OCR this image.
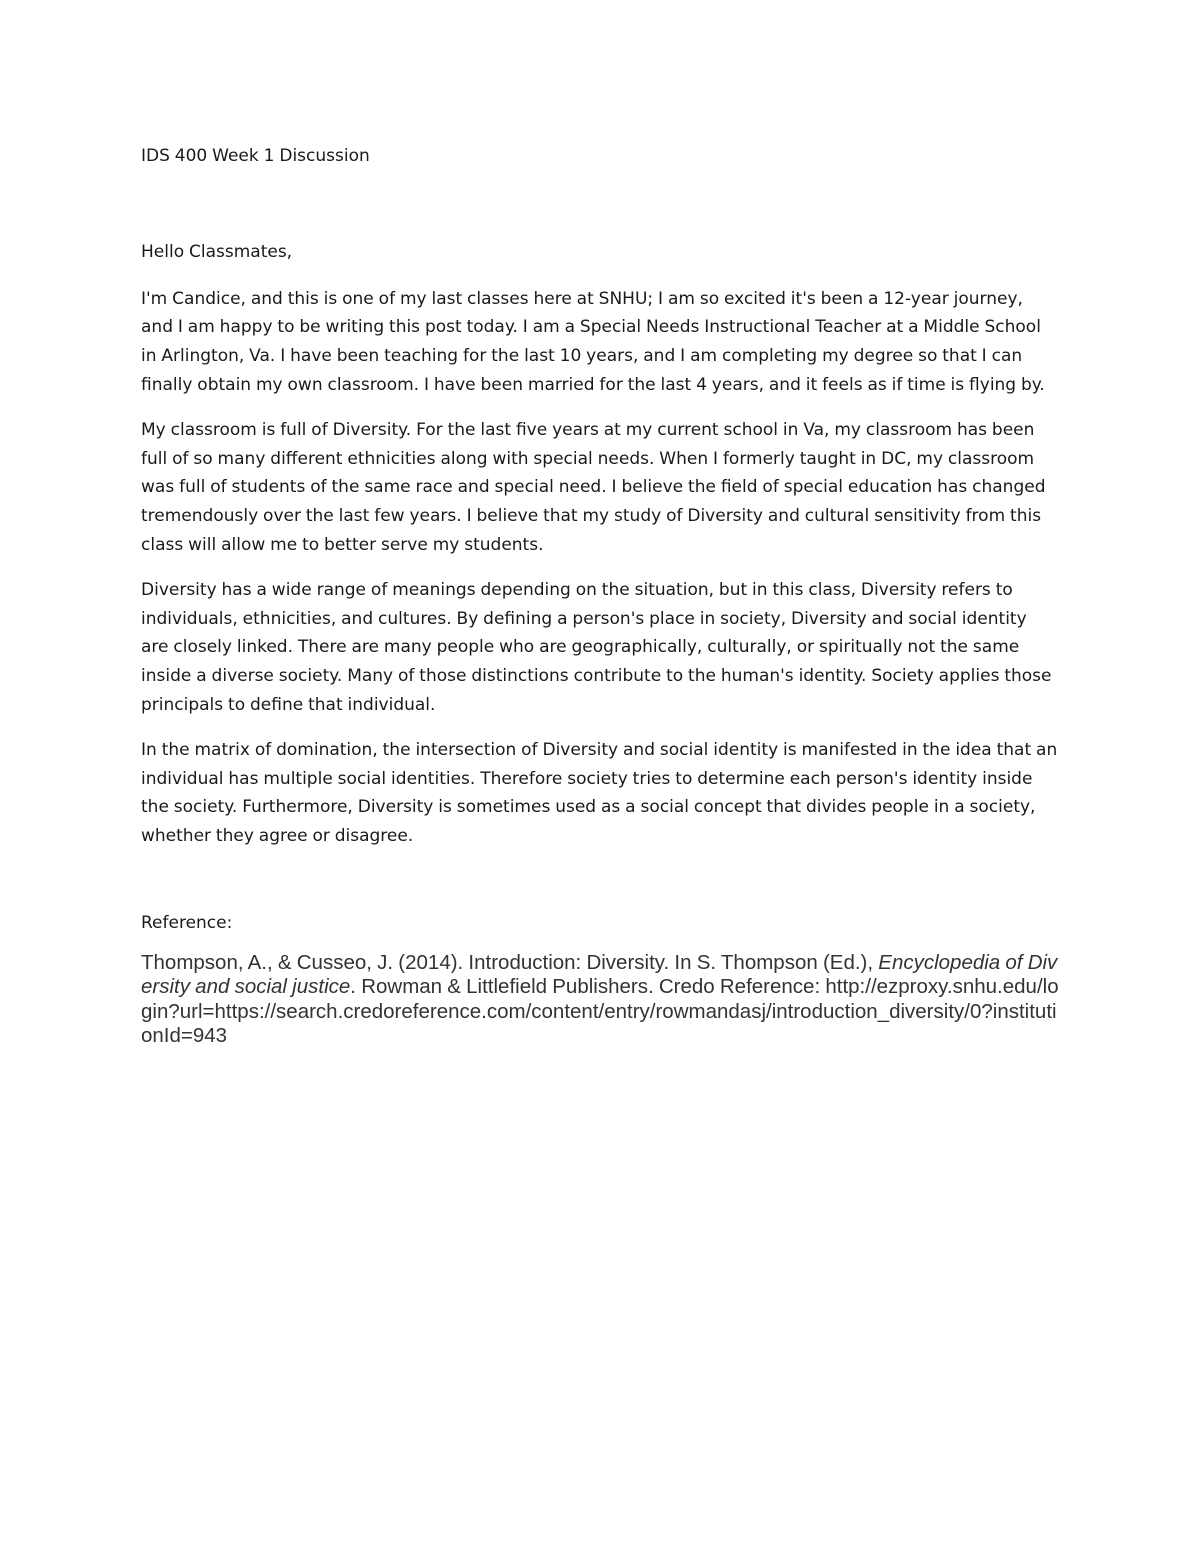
IDS 400 Week 1 Discussion

Hello Classmates,

I'm Candice, and this is one of my last classes here at SNHU; I am so excited it's been a 12-year journey, and I am happy to be writing this post today. I am a Special Needs Instructional Teacher at a Middle School in Arlington, Va. I have been teaching for the last 10 years, and I am completing my degree so that I can finally obtain my own classroom. I have been married for the last 4 years, and it feels as if time is flying by.

My classroom is full of Diversity. For the last five years at my current school in Va, my classroom has been full of so many different ethnicities along with special needs. When I formerly taught in DC, my classroom was full of students of the same race and special need. I believe the field of special education has changed tremendously over the last few years. I believe that my study of Diversity and cultural sensitivity from this class will allow me to better serve my students.

Diversity has a wide range of meanings depending on the situation, but in this class, Diversity refers to individuals, ethnicities, and cultures. By defining a person's place in society, Diversity and social identity are closely linked. There are many people who are geographically, culturally, or spiritually not the same inside a diverse society. Many of those distinctions contribute to the human's identity. Society applies those principals to define that individual.

In the matrix of domination, the intersection of Diversity and social identity is manifested in the idea that an individual has multiple social identities. Therefore society tries to determine each person's identity inside the society. Furthermore, Diversity is sometimes used as a social concept that divides people in a society, whether they agree or disagree.

Reference:

Thompson, A., & Cusseo, J. (2014). Introduction: Diversity. In S. Thompson (Ed.), Encyclopedia of Diversity and social justice. Rowman & Littlefield Publishers. Credo Reference: http://ezproxy.snhu.edu/login?url=https://search.credoreference.com/content/entry/rowmandasj/introduction_diversity/0?institutionId=943
